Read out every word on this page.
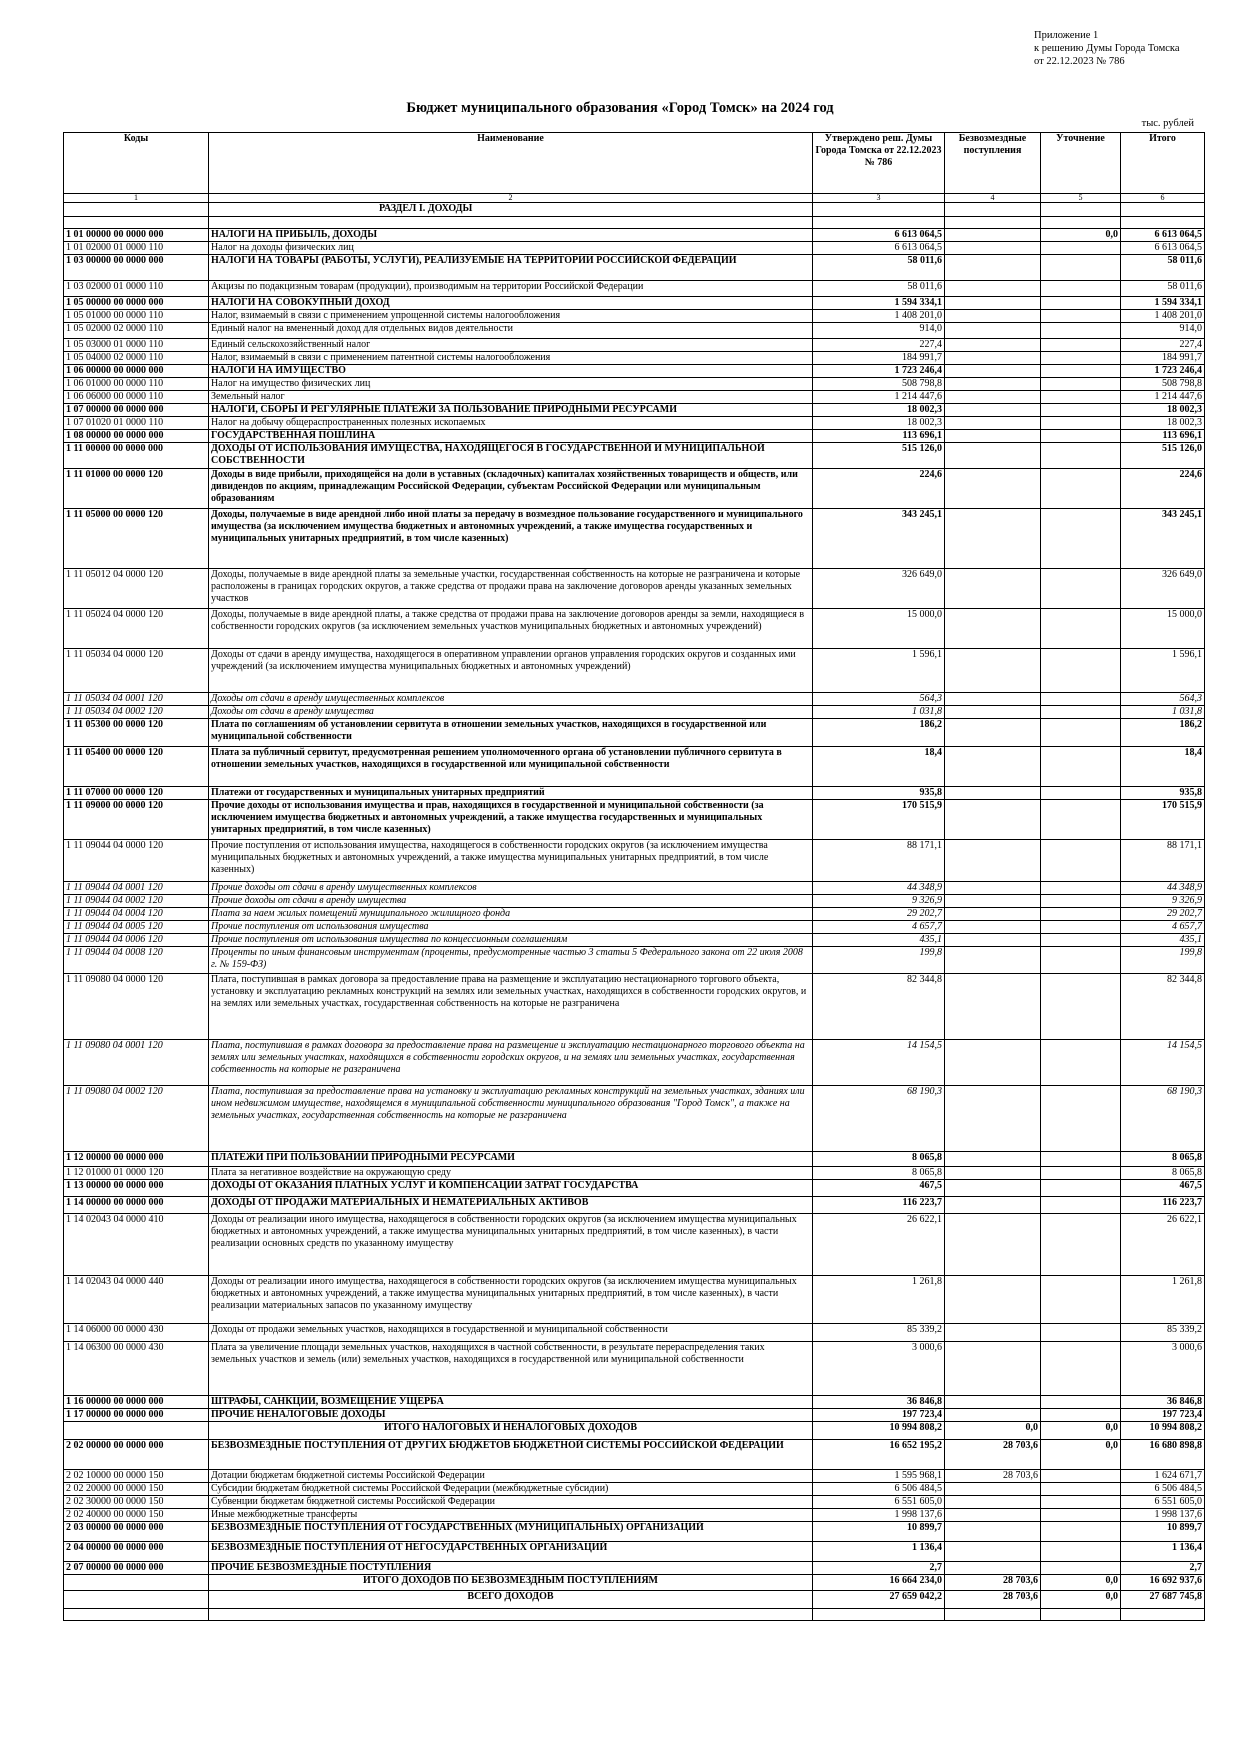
Приложение 1
к решению Думы Города Томска
от 22.12.2023 № 786
Бюджет муниципального образования «Город Томск» на 2024 год
тыс. рублей
Коды	Наименование	Утверждено реш. Думы Города Томска от 22.12.2023 № 786	Безвозмездные поступления	Уточнение	Итого
1	2	3	4	5	6
	РАЗДЕЛ I. ДОХОДЫ				

1 01 00000 00 0000 000	НАЛОГИ НА ПРИБЫЛЬ, ДОХОДЫ	6 613 064,5		0,0	6 613 064,5
1 01 02000 01 0000 110	Налог на доходы физических лиц	6 613 064,5			6 613 064,5
1 03 00000 00 0000 000	НАЛОГИ НА ТОВАРЫ (РАБОТЫ, УСЛУГИ), РЕАЛИЗУЕМЫЕ НА ТЕРРИТОРИИ РОССИЙСКОЙ ФЕДЕРАЦИИ	58 011,6			58 011,6
1 03 02000 01 0000 110	Акцизы по подакцизным товарам (продукции), производимым на территории Российской Федерации	58 011,6			58 011,6
1 05 00000 00 0000 000	НАЛОГИ НА СОВОКУПНЫЙ ДОХОД	1 594 334,1			1 594 334,1
1 05 01000 00 0000 110	Налог, взимаемый в связи с применением упрощенной системы налогообложения	1 408 201,0			1 408 201,0
1 05 02000 02 0000 110	Единый налог на вмененный доход для отдельных видов деятельности	914,0			914,0
1 05 03000 01 0000 110	Единый сельскохозяйственный налог	227,4			227,4
1 05 04000 02 0000 110	Налог, взимаемый в связи с применением патентной системы налогообложения	184 991,7			184 991,7
1 06 00000 00 0000 000	НАЛОГИ НА ИМУЩЕСТВО	1 723 246,4			1 723 246,4
1 06 01000 00 0000 110	Налог на имущество физических лиц	508 798,8			508 798,8
1 06 06000 00 0000 110	Земельный налог	1 214 447,6			1 214 447,6
1 07 00000 00 0000 000	НАЛОГИ, СБОРЫ И РЕГУЛЯРНЫЕ ПЛАТЕЖИ ЗА ПОЛЬЗОВАНИЕ ПРИРОДНЫМИ РЕСУРСАМИ	18 002,3			18 002,3
1 07 01020 01 0000 110	Налог на добычу общераспространенных полезных ископаемых	18 002,3			18 002,3
1 08 00000 00 0000 000	ГОСУДАРСТВЕННАЯ ПОШЛИНА	113 696,1			113 696,1
1 11 00000 00 0000 000	ДОХОДЫ ОТ ИСПОЛЬЗОВАНИЯ ИМУЩЕСТВА, НАХОДЯЩЕГОСЯ В ГОСУДАРСТВЕННОЙ И МУНИЦИПАЛЬНОЙ СОБСТВЕННОСТИ	515 126,0			515 126,0
1 11 01000 00 0000 120	Доходы в виде прибыли, приходящейся на доли в уставных (складочных) капиталах хозяйственных товариществ и обществ, или дивидендов по акциям, принадлежащим Российской Федерации, субъектам Российской Федерации или муниципальным образованиям	224,6			224,6
1 11 05000 00 0000 120	Доходы, получаемые в виде арендной либо иной платы за передачу в возмездное пользование государственного и муниципального имущества (за исключением имущества бюджетных и автономных учреждений, а также имущества государственных и муниципальных унитарных предприятий, в том числе казенных)	343 245,1			343 245,1
1 11 05012 04 0000 120	Доходы, получаемые в виде арендной платы за земельные участки, государственная собственность на которые не разграничена и которые расположены в границах городских округов, а также средства от продажи права на заключение договоров аренды указанных земельных участков	326 649,0			326 649,0
1 11 05024 04 0000 120	Доходы, получаемые в виде арендной платы, а также средства от продажи права на заключение договоров аренды за земли, находящиеся в собственности городских округов (за исключением земельных участков муниципальных бюджетных и автономных учреждений)	15 000,0			15 000,0
1 11 05034 04 0000 120	Доходы от сдачи в аренду имущества, находящегося в оперативном управлении органов управления городских округов и созданных ими учреждений (за исключением имущества муниципальных бюджетных и автономных учреждений)	1 596,1			1 596,1
1 11 05034 04 0001 120	Доходы от сдачи в аренду имущественных комплексов	564,3			564,3
1 11 05034 04 0002 120	Доходы от сдачи в аренду имущества	1 031,8			1 031,8
1 11 05300 00 0000 120	Плата по соглашениям об установлении сервитута в отношении земельных участков, находящихся в государственной или муниципальной собственности	186,2			186,2
1 11 05400 00 0000 120	Плата за публичный сервитут, предусмотренная решением уполномоченного органа об установлении публичного сервитута в отношении земельных участков, находящихся в государственной или муниципальной собственности	18,4			18,4
1 11 07000 00 0000 120	Платежи от государственных и муниципальных унитарных предприятий	935,8			935,8
1 11 09000 00 0000 120	Прочие доходы от использования имущества и прав, находящихся в государственной и муниципальной собственности (за исключением имущества бюджетных и автономных учреждений, а также имущества государственных и муниципальных унитарных предприятий, в том числе казенных)	170 515,9			170 515,9
1 11 09044 04 0000 120	Прочие поступления от использования имущества, находящегося в собственности городских округов (за исключением имущества муниципальных бюджетных и автономных учреждений, а также имущества муниципальных унитарных предприятий, в том числе казенных)	88 171,1			88 171,1
1 11 09044 04 0001 120	Прочие доходы от сдачи в аренду имущественных комплексов	44 348,9			44 348,9
1 11 09044 04 0002 120	Прочие доходы от сдачи в аренду имущества	9 326,9			9 326,9
1 11 09044 04 0004 120	Плата за наем жилых помещений муниципального жилищного фонда	29 202,7			29 202,7
1 11 09044 04 0005 120	Прочие поступления от использования имущества	4 657,7			4 657,7
1 11 09044 04 0006 120	Прочие поступления от использования имущества по концессионным соглашениям	435,1			435,1
1 11 09044 04 0008 120	Проценты по иным финансовым инструментам (проценты, предусмотренные частью 3 статьи 5 Федерального закона от 22 июля 2008 г. № 159-ФЗ)	199,8			199,8
1 11 09080 04 0000 120	Плата, поступившая в рамках договора за предоставление права на размещение и эксплуатацию нестационарного торгового объекта, установку и эксплуатацию рекламных конструкций на землях или земельных участках, находящихся в собственности городских округов, и на землях или земельных участках, государственная собственность на которые не разграничена	82 344,8			82 344,8
1 11 09080 04 0001 120	Плата, поступившая в рамках договора за предоставление права на размещение и эксплуатацию нестационарного торгового объекта на землях или земельных участках, находящихся в собственности городских округов, и на землях или земельных участках, государственная собственность на которые не разграничена	14 154,5			14 154,5
1 11 09080 04 0002 120	Плата, поступившая за предоставление права на установку и эксплуатацию рекламных конструкций на земельных участках, зданиях или ином недвижимом имуществе, находящемся в муниципальной собственности муниципального образования "Город Томск", а также на земельных участках, государственная собственность на которые не разграничена	68 190,3			68 190,3
1 12 00000 00 0000 000	ПЛАТЕЖИ ПРИ ПОЛЬЗОВАНИИ ПРИРОДНЫМИ РЕСУРСАМИ	8 065,8			8 065,8
1 12 01000 01 0000 120	Плата за негативное воздействие на окружающую среду	8 065,8			8 065,8
1 13 00000 00 0000 000	ДОХОДЫ ОТ ОКАЗАНИЯ ПЛАТНЫХ УСЛУГ И КОМПЕНСАЦИИ ЗАТРАТ ГОСУДАРСТВА	467,5			467,5
1 14 00000 00 0000 000	ДОХОДЫ ОТ ПРОДАЖИ МАТЕРИАЛЬНЫХ И НЕМАТЕРИАЛЬНЫХ АКТИВОВ	116 223,7			116 223,7
1 14 02043 04 0000 410	Доходы от реализации иного имущества, находящегося в собственности городских округов (за исключением имущества муниципальных бюджетных и автономных учреждений, а также имущества муниципальных унитарных предприятий, в том числе казенных), в части реализации основных средств по указанному имуществу	26 622,1			26 622,1
1 14 02043 04 0000 440	Доходы от реализации иного имущества, находящегося в собственности городских округов (за исключением имущества муниципальных бюджетных и автономных учреждений, а также имущества муниципальных унитарных предприятий, в том числе казенных), в части реализации материальных запасов по указанному имуществу	1 261,8			1 261,8
1 14 06000 00 0000 430	Доходы от продажи земельных участков, находящихся в государственной и муниципальной собственности	85 339,2			85 339,2
1 14 06300 00 0000 430	Плата за увеличение площади земельных участков, находящихся в частной собственности, в результате перераспределения таких земельных участков и земель (или) земельных участков, находящихся в государственной или муниципальной собственности	3 000,6			3 000,6
1 16 00000 00 0000 000	ШТРАФЫ, САНКЦИИ, ВОЗМЕЩЕНИЕ УЩЕРБА	36 846,8			36 846,8
1 17 00000 00 0000 000	ПРОЧИЕ НЕНАЛОГОВЫЕ ДОХОДЫ	197 723,4			197 723,4
	ИТОГО НАЛОГОВЫХ И НЕНАЛОГОВЫХ ДОХОДОВ	10 994 808,2	0,0	0,0	10 994 808,2
2 02 00000 00 0000 000	БЕЗВОЗМЕЗДНЫЕ ПОСТУПЛЕНИЯ ОТ ДРУГИХ БЮДЖЕТОВ БЮДЖЕТНОЙ СИСТЕМЫ РОССИЙСКОЙ ФЕДЕРАЦИИ	16 652 195,2	28 703,6	0,0	16 680 898,8
2 02 10000 00 0000 150	Дотации бюджетам бюджетной системы Российской Федерации	1 595 968,1	28 703,6		1 624 671,7
2 02 20000 00 0000 150	Субсидии бюджетам бюджетной системы Российской Федерации (межбюджетные субсидии)	6 506 484,5			6 506 484,5
2 02 30000 00 0000 150	Субвенции бюджетам бюджетной системы Российской Федерации	6 551 605,0			6 551 605,0
2 02 40000 00 0000 150	Иные межбюджетные трансферты	1 998 137,6			1 998 137,6
2 03 00000 00 0000 000	БЕЗВОЗМЕЗДНЫЕ ПОСТУПЛЕНИЯ ОТ ГОСУДАРСТВЕННЫХ (МУНИЦИПАЛЬНЫХ) ОРГАНИЗАЦИЙ	10 899,7			10 899,7
2 04 00000 00 0000 000	БЕЗВОЗМЕЗДНЫЕ ПОСТУПЛЕНИЯ ОТ НЕГОСУДАРСТВЕННЫХ ОРГАНИЗАЦИЙ	1 136,4			1 136,4
2 07 00000 00 0000 000	ПРОЧИЕ БЕЗВОЗМЕЗДНЫЕ ПОСТУПЛЕНИЯ	2,7			2,7
	ИТОГО ДОХОДОВ ПО БЕЗВОЗМЕЗДНЫМ ПОСТУПЛЕНИЯМ	16 664 234,0	28 703,6	0,0	16 692 937,6
	ВСЕГО ДОХОДОВ	27 659 042,2	28 703,6	0,0	27 687 745,8
